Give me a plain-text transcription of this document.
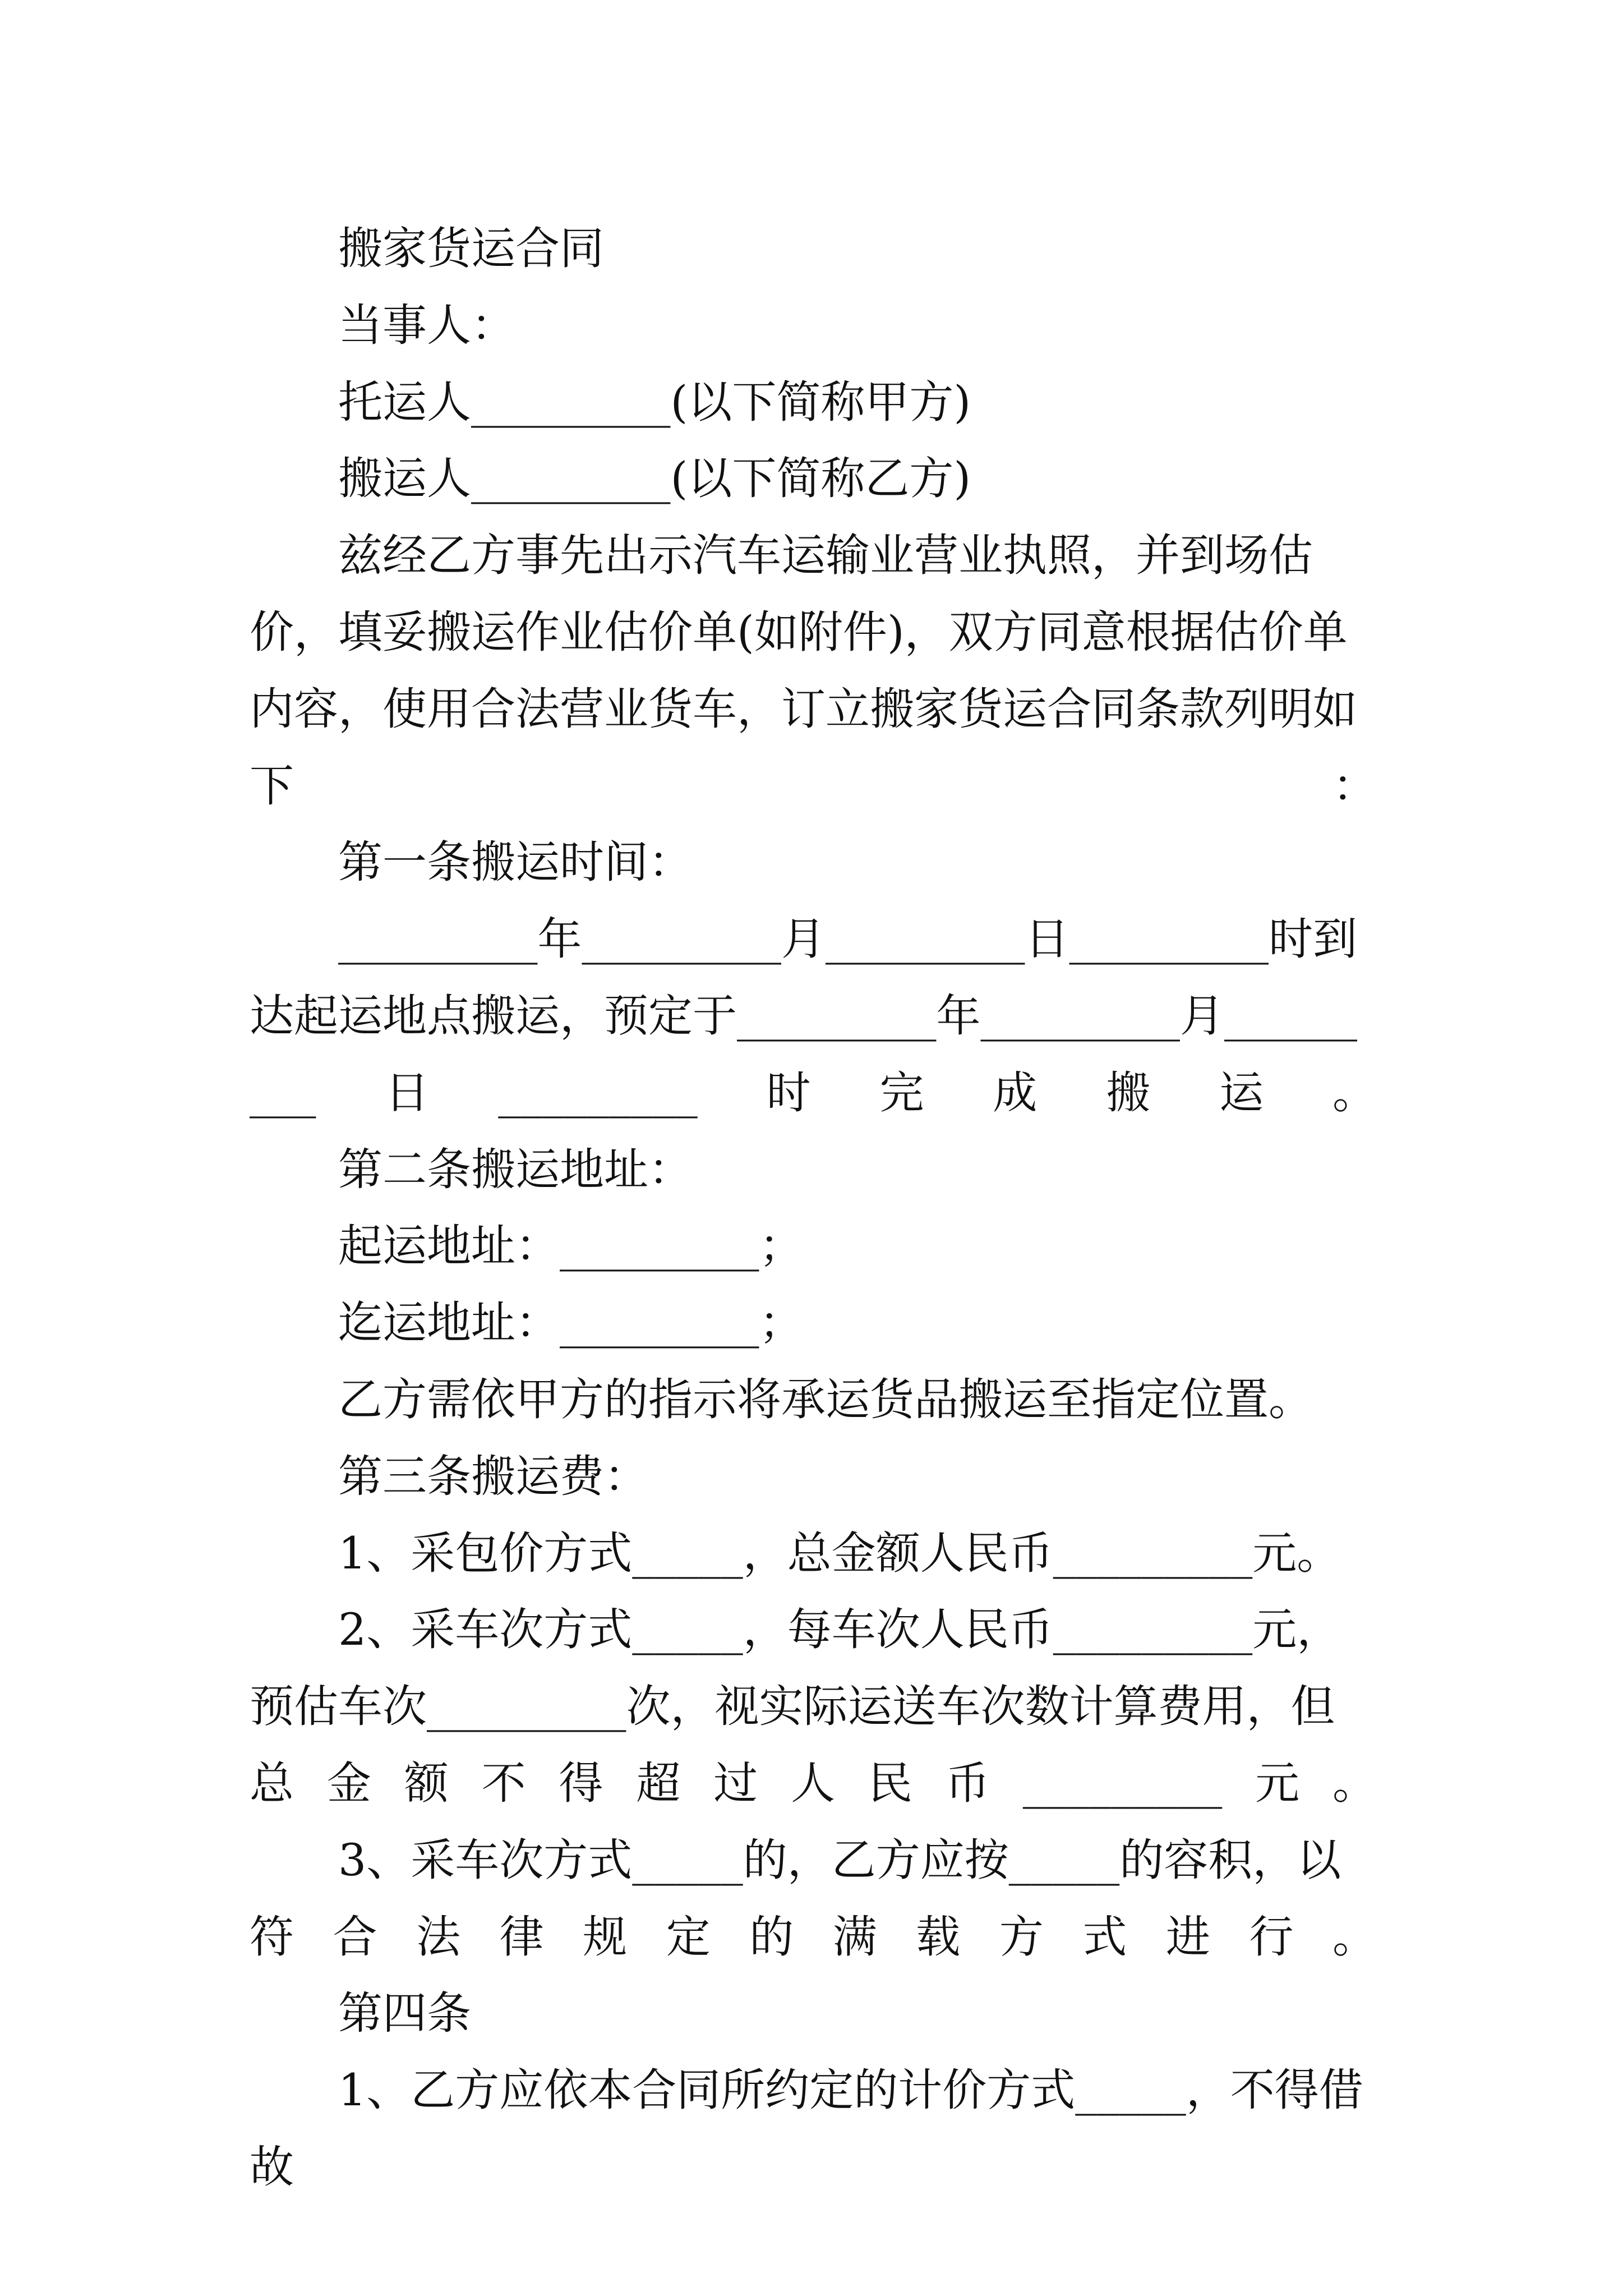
搬家货运合同

当事人：

托运人_________(以下简称甲方)

搬运人_________(以下简称乙方)

兹经乙方事先出示汽车运输业营业执照，并到场估价，填妥搬运作业估价单(如附件)，双方同意根据估价单内容，使用合法营业货车，订立搬家货运合同条款列明如下：

第一条搬运时间：

_________年_________月_________日_________时到达起运地点搬运，预定于_________年_________月_________日_________时完成搬运。

第二条搬运地址：

起运地址：_________；

迄运地址：_________；

乙方需依甲方的指示将承运货品搬运至指定位置。

第三条搬运费：

1、采包价方式_____，总金额人民币_________元。

2、采车次方式_____，每车次人民币_________元，预估车次_________次，视实际运送车次数计算费用，但总金额不得超过人民币_________元。

3、采车次方式_____的，乙方应按_____的容积，以符合法律规定的满载方式进行。

第四条

1、乙方应依本合同所约定的计价方式_____，不得借故
